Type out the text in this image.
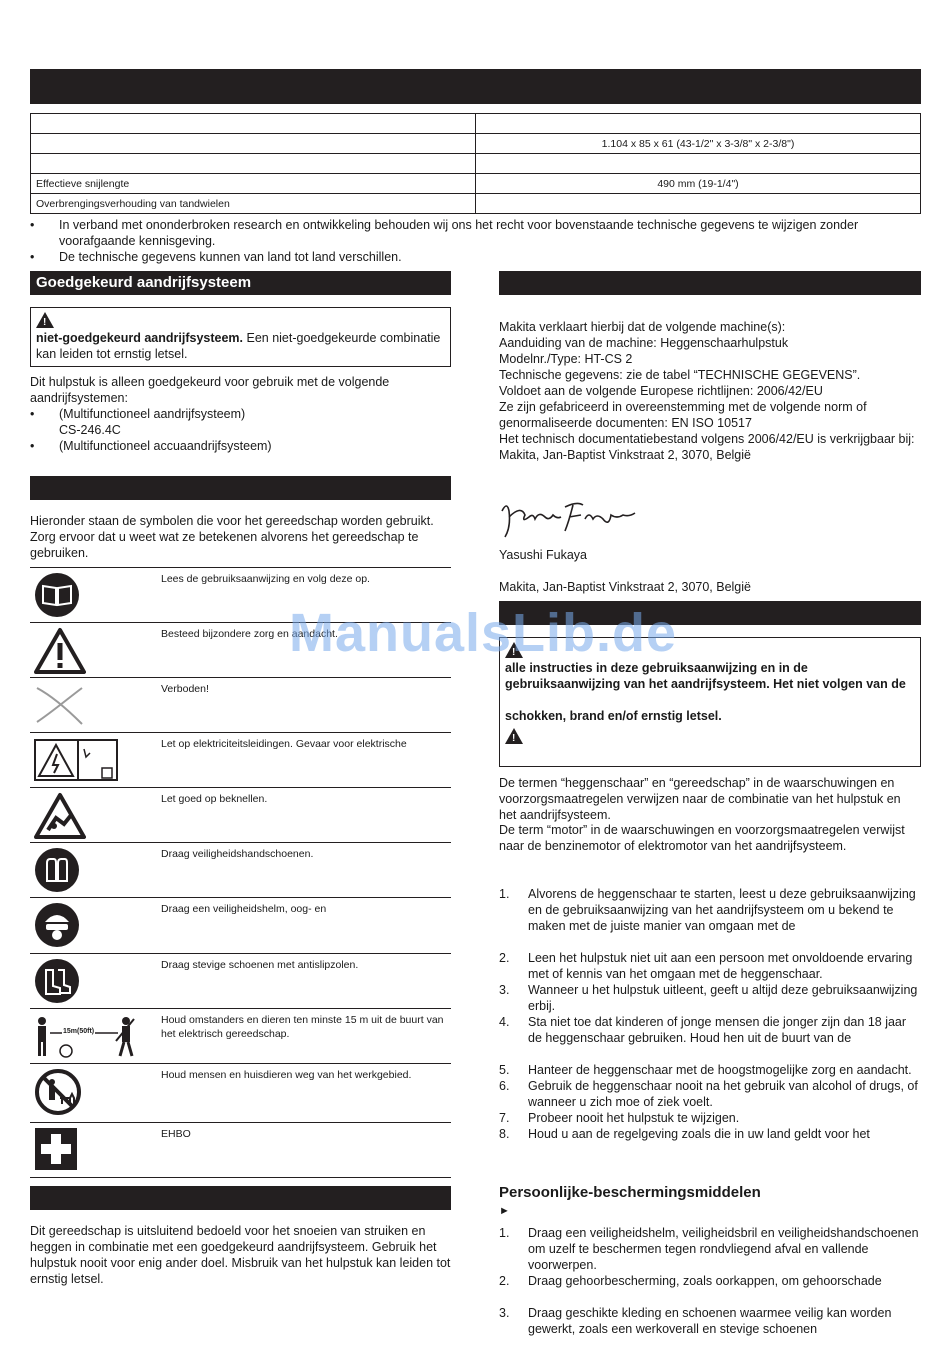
	1.104 x 85 x 61 (43-1/2" x 3-3/8" x 2-3/8")

Effectieve snijlengte	490 mm (19-1/4")
Overbrengingsverhouding van tandwielen	
• In verband met ononderbroken research en ontwikkeling behouden wij ons het recht voor bovenstaande technische gegevens te wijzigen zonder voorafgaande kennisgeving.
• De technische gegevens kunnen van land tot land verschillen.
Goedgekeurd aandrijfsysteem
!
niet-goedgekeurd aandrijfsysteem. Een niet-goedgekeurde combinatie kan leiden tot ernstig letsel.
Dit hulpstuk is alleen goedgekeurd voor gebruik met de volgende aandrijfsystemen:
• (Multifunctioneel aandrijfsysteem)
CS-246.4C
• (Multifunctioneel accuaandrijfsysteem)
Hieronder staan de symbolen die voor het gereedschap worden gebruikt. Zorg ervoor dat u weet wat ze betekenen alvorens het gereedschap te gebruiken.
Lees de gebruiksaanwijzing en volg deze op.
Besteed bijzondere zorg en aandacht.
Verboden!
Let op elektriciteitsleidingen. Gevaar voor elektrische
Let goed op beknellen.
Draag veiligheidshandschoenen.
Draag een veiligheidshelm, oog- en
Draag stevige schoenen met antislipzolen.
15m(50ft)
Houd omstanders en dieren ten minste 15 m uit de buurt van het elektrisch gereedschap.
Houd mensen en huisdieren weg van het werkgebied.
EHBO
Dit gereedschap is uitsluitend bedoeld voor het snoeien van struiken en heggen in combinatie met een goedgekeurd aandrijfsysteem. Gebruik het hulpstuk nooit voor enig ander doel. Misbruik van het hulpstuk kan leiden tot ernstig letsel.
Makita verklaart hierbij dat de volgende machine(s):
Aanduiding van de machine: Heggenschaarhulpstuk
Modelnr./Type: HT-CS 2
Technische gegevens: zie de tabel “TECHNISCHE GEGEVENS”.
Voldoet aan de volgende Europese richtlijnen: 2006/42/EU
Ze zijn gefabriceerd in overeenstemming met de volgende norm of genormaliseerde documenten: EN ISO 10517
Het technisch documentatiebestand volgens 2006/42/EU is verkrijgbaar bij:
Makita, Jan-Baptist Vinkstraat 2, 3070, België
Yasushi Fukaya
Makita, Jan-Baptist Vinkstraat 2, 3070, België
!
alle instructies in deze gebruiksaanwijzing en in de gebruiksaanwijzing van het aandrijfsysteem. Het niet volgen van de
schokken, brand en/of ernstig letsel.
!
De termen “heggenschaar” en “gereedschap” in de waarschuwingen en voorzorgsmaatregelen verwijzen naar de combinatie van het hulpstuk en het aandrijfsysteem.
De term “motor” in de waarschuwingen en voorzorgsmaatregelen verwijst naar de benzinemotor of elektromotor van het aandrijfsysteem.
1. Alvorens de heggenschaar te starten, leest u deze gebruiksaanwijzing en de gebruiksaanwijzing van het aandrijfsysteem om u bekend te maken met de juiste manier van omgaan met de
2. Leen het hulpstuk niet uit aan een persoon met onvoldoende ervaring met of kennis van het omgaan met de heggenschaar.
3. Wanneer u het hulpstuk uitleent, geeft u altijd deze gebruiksaanwijzing erbij.
4. Sta niet toe dat kinderen of jonge mensen die jonger zijn dan 18 jaar de heggenschaar gebruiken. Houd hen uit de buurt van de
5. Hanteer de heggenschaar met de hoogstmogelijke zorg en aandacht.
6. Gebruik de heggenschaar nooit na het gebruik van alcohol of drugs, of wanneer u zich moe of ziek voelt.
7. Probeer nooit het hulpstuk te wijzigen.
8. Houd u aan de regelgeving zoals die in uw land geldt voor het
Persoonlijke-beschermingsmiddelen
►
1. Draag een veiligheidshelm, veiligheidsbril en veiligheidshandschoenen om uzelf te beschermen tegen rondvliegend afval en vallende voorwerpen.
2. Draag gehoorbescherming, zoals oorkappen, om gehoorschade
3. Draag geschikte kleding en schoenen waarmee veilig kan worden gewerkt, zoals een werkoverall en stevige schoenen
ManualsLib.de
